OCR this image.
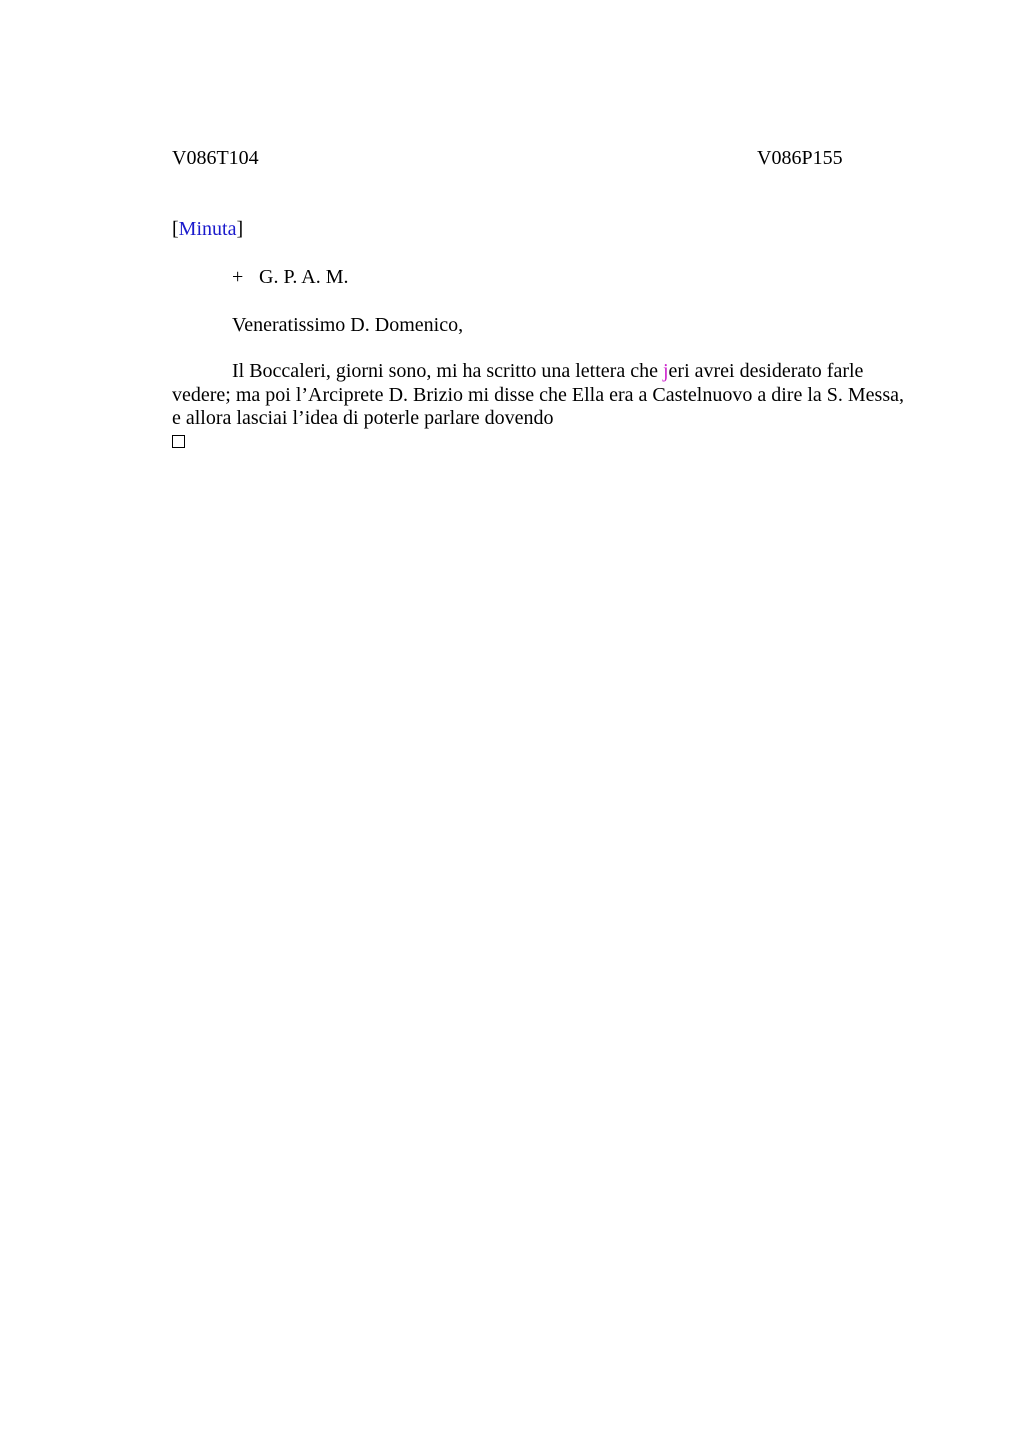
V086T104	V086P155
[Minuta]
+ G. P. A. M.
Veneratissimo D. Domenico,
Il Boccaleri, giorni sono, mi ha scritto una lettera che jeri avrei desiderato farle
vedere; ma poi l’Arciprete D. Brizio mi disse che Ella era a Castelnuovo a dire la S. Messa,
e allora lasciai l’idea di poterle parlare dovendo
